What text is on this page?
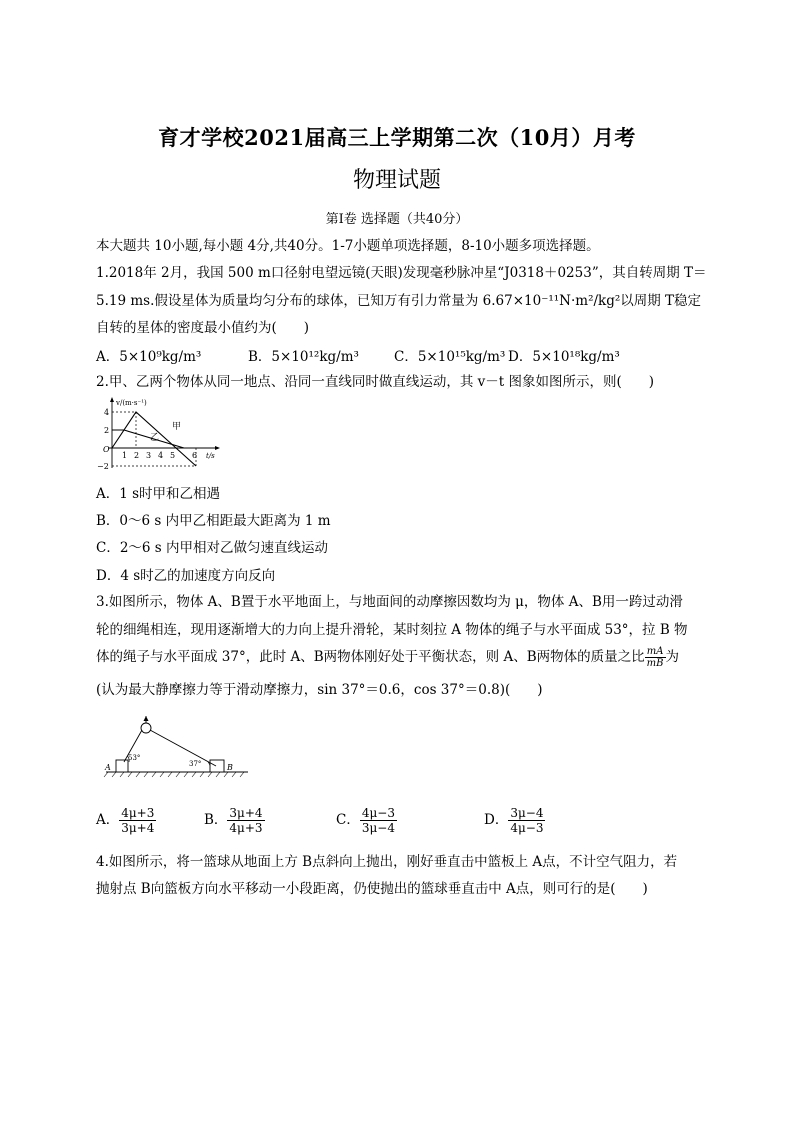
育才学校2021届高三上学期第二次（10月）月考
物理试题
第Ⅰ卷 选择题（共40分）
本大题共 10小题,每小题 4分,共40分。1-7小题单项选择题，8-10小题多项选择题。
1.2018年 2月，我国 500 m口径射电望远镜(天眼)发现毫秒脉冲星“J0318＋0253”，其自转周期 T＝
5.19 ms.假设星体为质量均匀分布的球体，已知万有引力常量为 6.67×10⁻¹¹N·m²/kg²以周期 T稳定
自转的星体的密度最小值约为(　　)
A．5×10⁹kg/m³	B．5×10¹²kg/m³	C．5×10¹⁵kg/m³ D．5×10¹⁸kg/m³
2.甲、乙两个物体从同一地点、沿同一直线同时做直线运动，其 v－t 图象如图所示，则(　　)
v/(m·s⁻¹)
t/s
O
4
2
−2
1 2 3 4 5 6
甲
乙
A．1 s时甲和乙相遇
B．0～6 s 内甲乙相距最大距离为 1 m
C．2～6 s 内甲相对乙做匀速直线运动
D．4 s时乙的加速度方向反向
3.如图所示，物体 A、B置于水平地面上，与地面间的动摩擦因数均为 μ，物体 A、B用一跨过动滑
轮的细绳相连，现用逐渐增大的力向上提升滑轮，某时刻拉 A 物体的绳子与水平面成 53°，拉 B 物
体的绳子与水平面成 37°，此时 A、B两物体刚好处于平衡状态，则 A、B两物体的质量之比 $\frac{mA}{mB}$ 为
(认为最大静摩擦力等于滑动摩擦力，sin 37°＝0.6，cos 37°＝0.8)(　　)
A	B
53°
37°
A． $\frac{4\mu+3}{3\mu+4}$	B． $\frac{3\mu+4}{4\mu+3}$	C． $\frac{4\mu-3}{3\mu-4}$	D． $\frac{3\mu-4}{4\mu-3}$
4.如图所示，将一篮球从地面上方 B点斜向上抛出，刚好垂直击中篮板上 A点，不计空气阻力，若
抛射点 B向篮板方向水平移动一小段距离，仍使抛出的篮球垂直击中 A点，则可行的是(　　)
